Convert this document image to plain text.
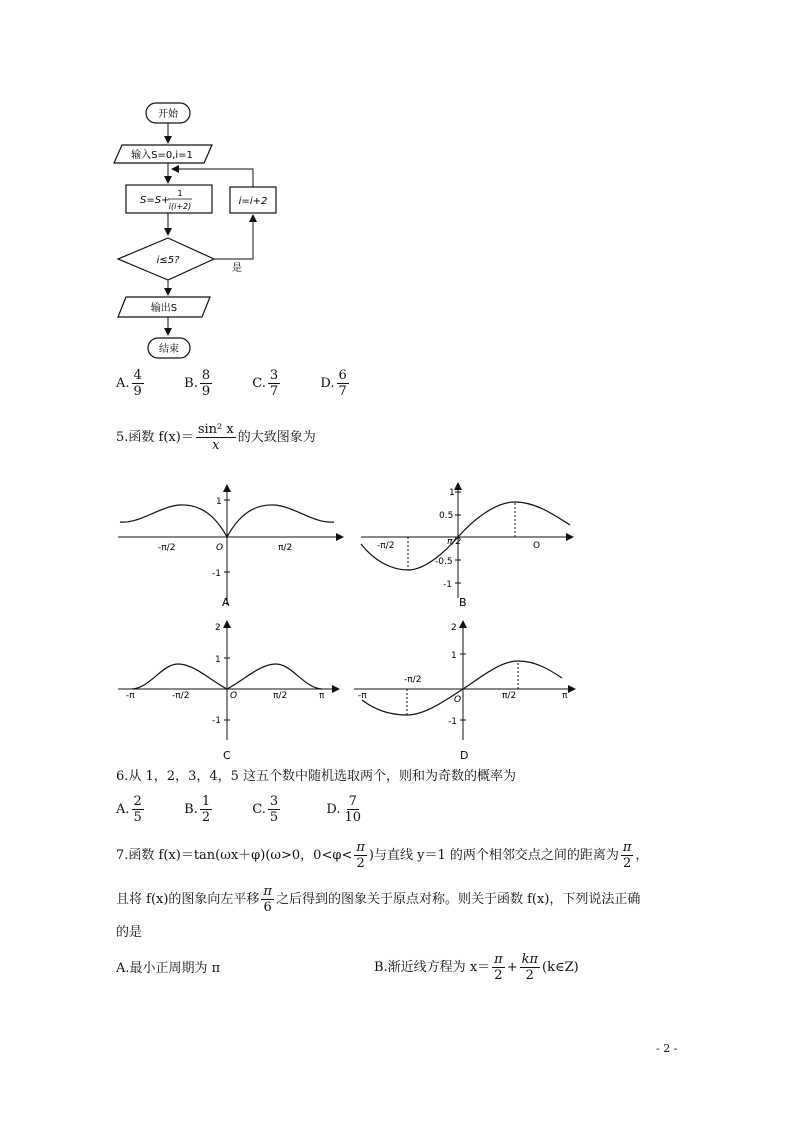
开始
输入S=0,i=1
S=S+
1
i(i+2)	i=i+2
i≤5?
是
输出S
结束
A. $\frac{4}{9}$	B. $\frac{8}{9}$	C. $\frac{3}{7}$	D. $\frac{6}{7}$
5.函数 $f(x)= \frac{\text{sin² x}}{x}$ 的大致图象为
1
-1
-π/2	O	π/2
A
1
0.5
-0.5
-1
π/2
-π/2	O
B
2
1
-1
-π	-π/2	O	π/2	π
C
2
1
-1
-π
-π/2
O	π/2	π
D
6.从 1，2，3，4，5 这五个数中随机选取两个，则和为奇数的概率为
A. $\frac{2}{5}$	B. $\frac{1}{2}$	C. $\frac{3}{5}$	D. $\frac{7}{10}$
7.函数 f(x)＝tan(ωx＋φ)(ω>0，$0<\varphi< \frac{\pi}{2}$ )与直线 y＝1 的两个相邻交点之间的距离为 $\frac{\pi}{2}$ ，
且将 f(x)的图象向左平移 $\frac{\pi}{6}$ 之后得到的图象关于原点对称。则关于函数 f(x)，下列说法正确
的是
A.最小正周期为 π	B.渐近线方程为 $x= \frac{\pi}{2} + \frac{k\pi}{2}$ (k∈Z)
- 2 -
